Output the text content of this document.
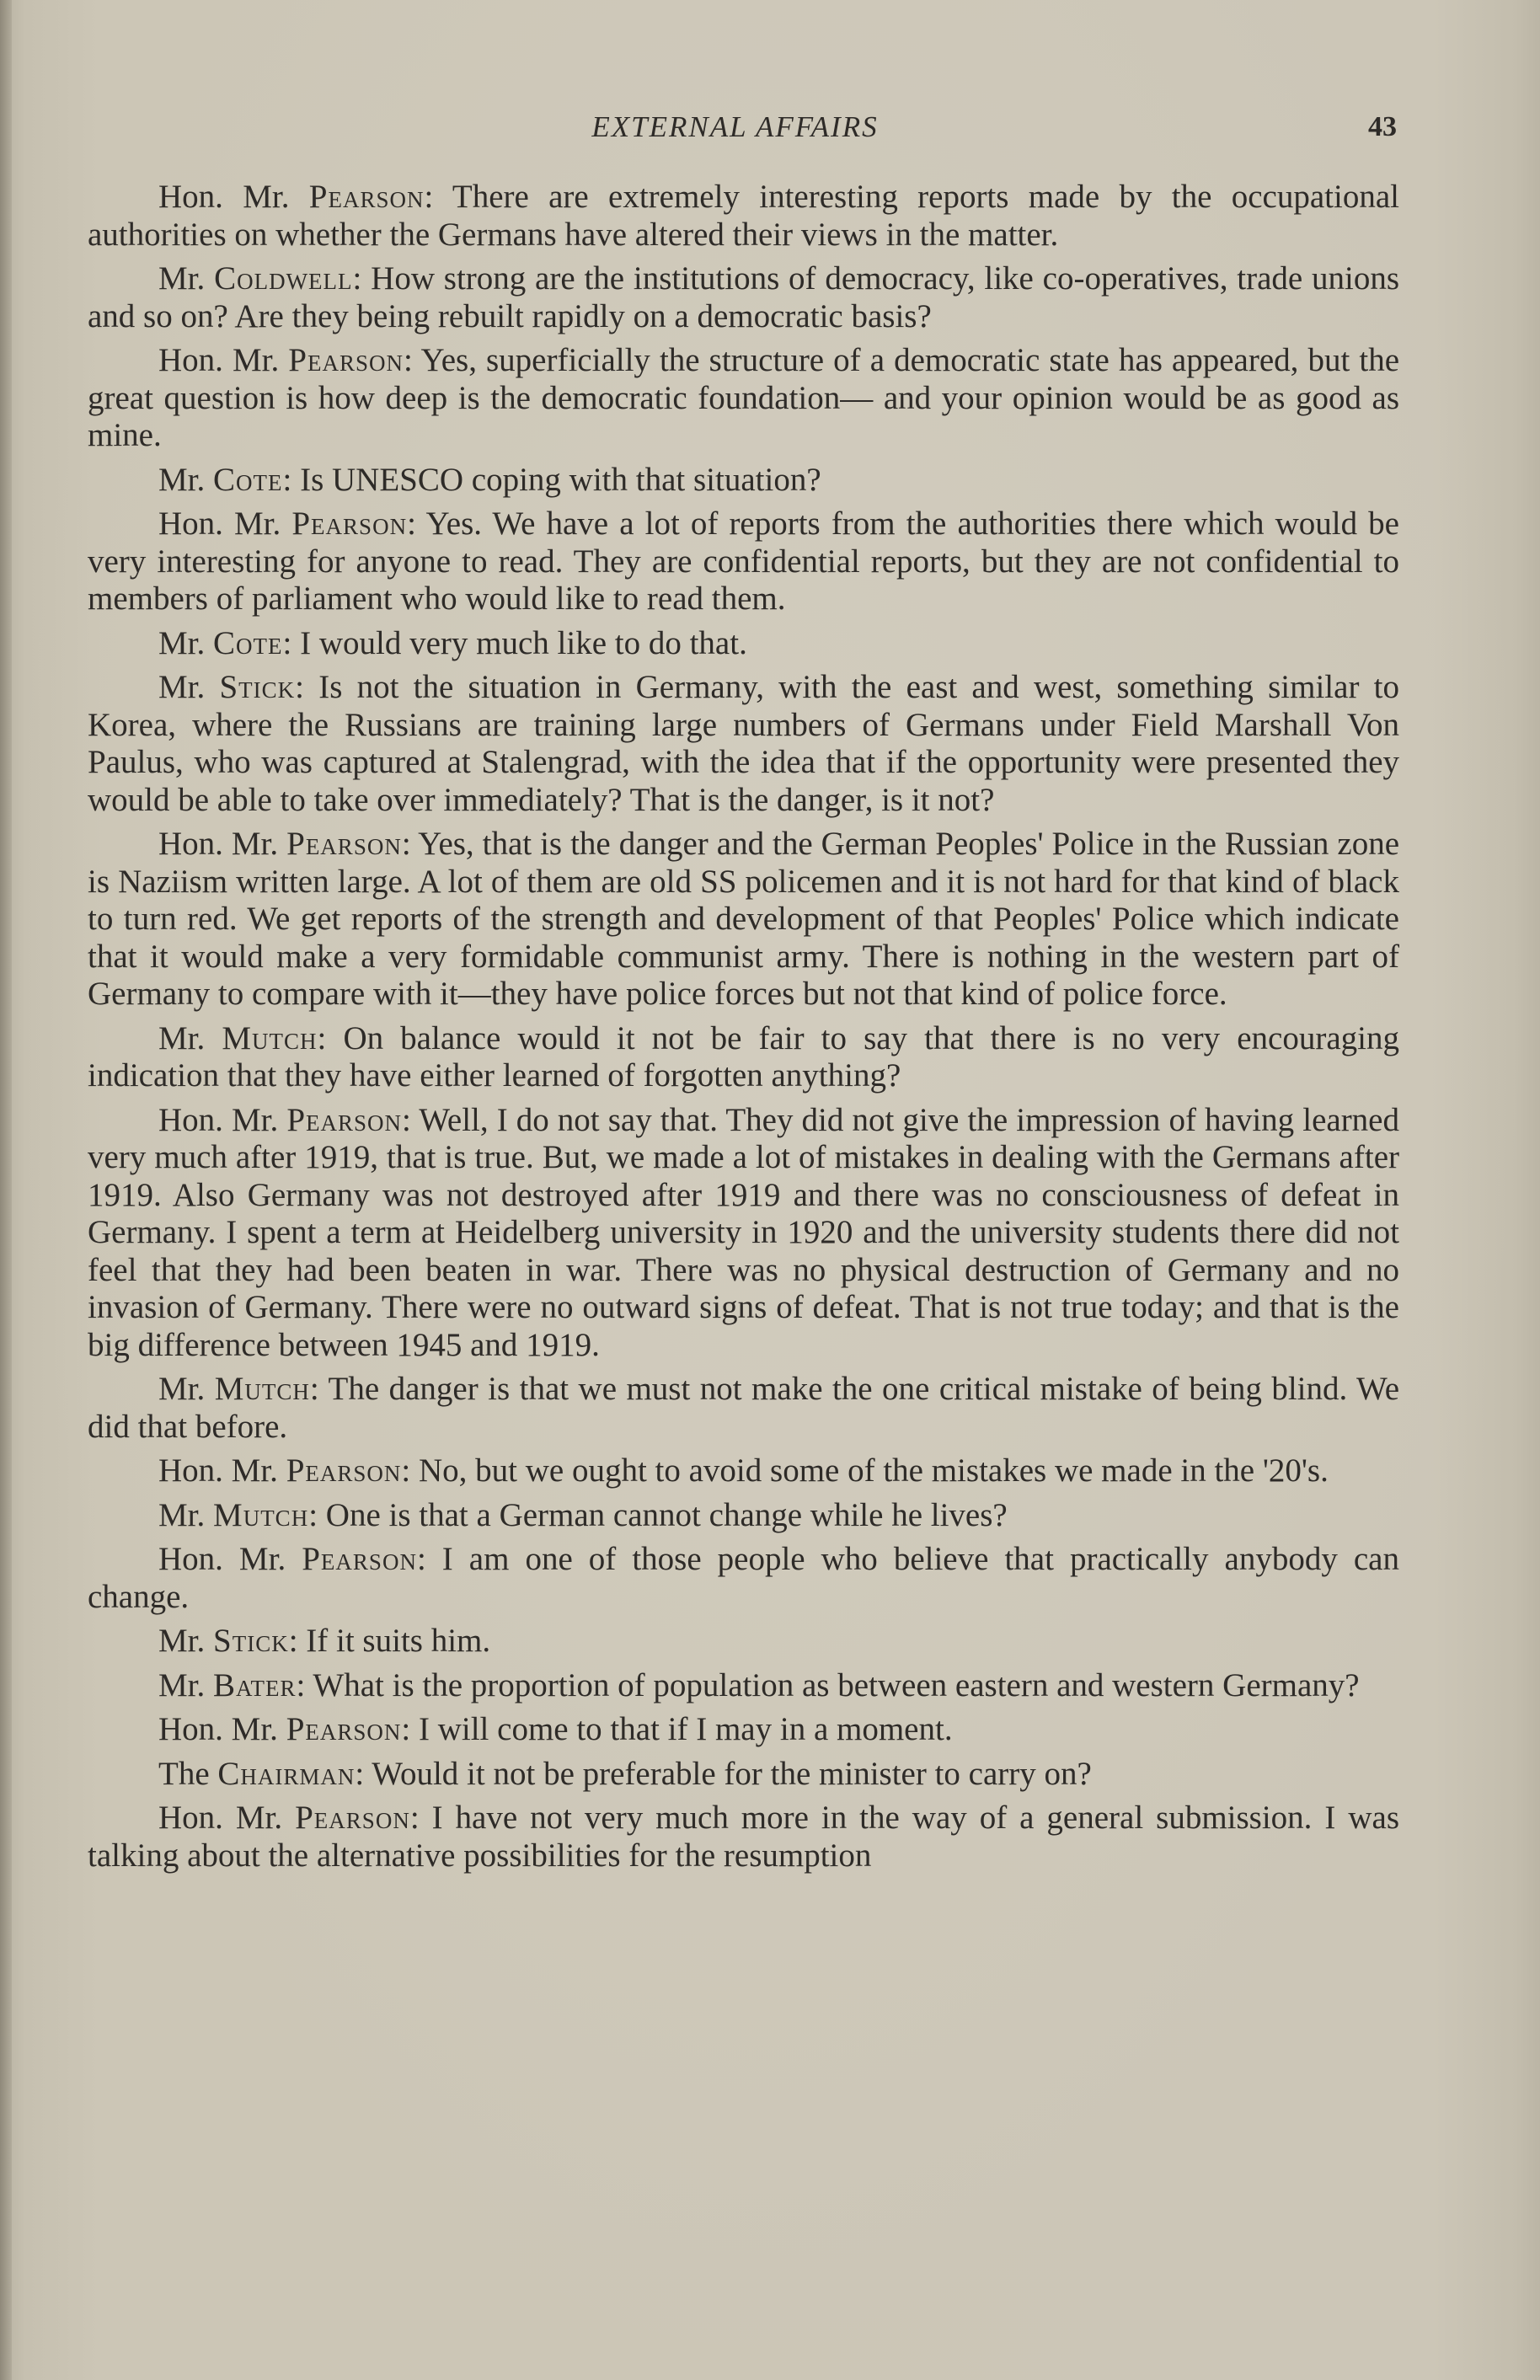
EXTERNAL AFFAIRS	43

Hon. Mr. Pearson: There are extremely interesting reports made by the occupational authorities on whether the Germans have altered their views in the matter.

Mr. Coldwell: How strong are the institutions of democracy, like co-operatives, trade unions and so on? Are they being rebuilt rapidly on a democratic basis?

Hon. Mr. Pearson: Yes, superficially the structure of a democratic state has appeared, but the great question is how deep is the democratic foundation— and your opinion would be as good as mine.

Mr. Cote: Is UNESCO coping with that situation?

Hon. Mr. Pearson: Yes. We have a lot of reports from the authorities there which would be very interesting for anyone to read. They are confidential reports, but they are not confidential to members of parliament who would like to read them.

Mr. Cote: I would very much like to do that.

Mr. Stick: Is not the situation in Germany, with the east and west, something similar to Korea, where the Russians are training large numbers of Germans under Field Marshall Von Paulus, who was captured at Stalengrad, with the idea that if the opportunity were presented they would be able to take over immediately? That is the danger, is it not?

Hon. Mr. Pearson: Yes, that is the danger and the German Peoples' Police in the Russian zone is Naziism written large. A lot of them are old SS policemen and it is not hard for that kind of black to turn red. We get reports of the strength and development of that Peoples' Police which indicate that it would make a very formidable communist army. There is nothing in the western part of Germany to compare with it—they have police forces but not that kind of police force.

Mr. Mutch: On balance would it not be fair to say that there is no very encouraging indication that they have either learned of forgotten anything?

Hon. Mr. Pearson: Well, I do not say that. They did not give the impression of having learned very much after 1919, that is true. But, we made a lot of mistakes in dealing with the Germans after 1919. Also Germany was not destroyed after 1919 and there was no consciousness of defeat in Germany. I spent a term at Heidelberg university in 1920 and the university students there did not feel that they had been beaten in war. There was no physical destruction of Germany and no invasion of Germany. There were no outward signs of defeat. That is not true today; and that is the big difference between 1945 and 1919.

Mr. Mutch: The danger is that we must not make the one critical mistake of being blind. We did that before.

Hon. Mr. Pearson: No, but we ought to avoid some of the mistakes we made in the '20's.

Mr. Mutch: One is that a German cannot change while he lives?

Hon. Mr. Pearson: I am one of those people who believe that practically anybody can change.

Mr. Stick: If it suits him.

Mr. Bater: What is the proportion of population as between eastern and western Germany?

Hon. Mr. Pearson: I will come to that if I may in a moment.

The Chairman: Would it not be preferable for the minister to carry on?

Hon. Mr. Pearson: I have not very much more in the way of a general submission. I was talking about the alternative possibilities for the resumption
